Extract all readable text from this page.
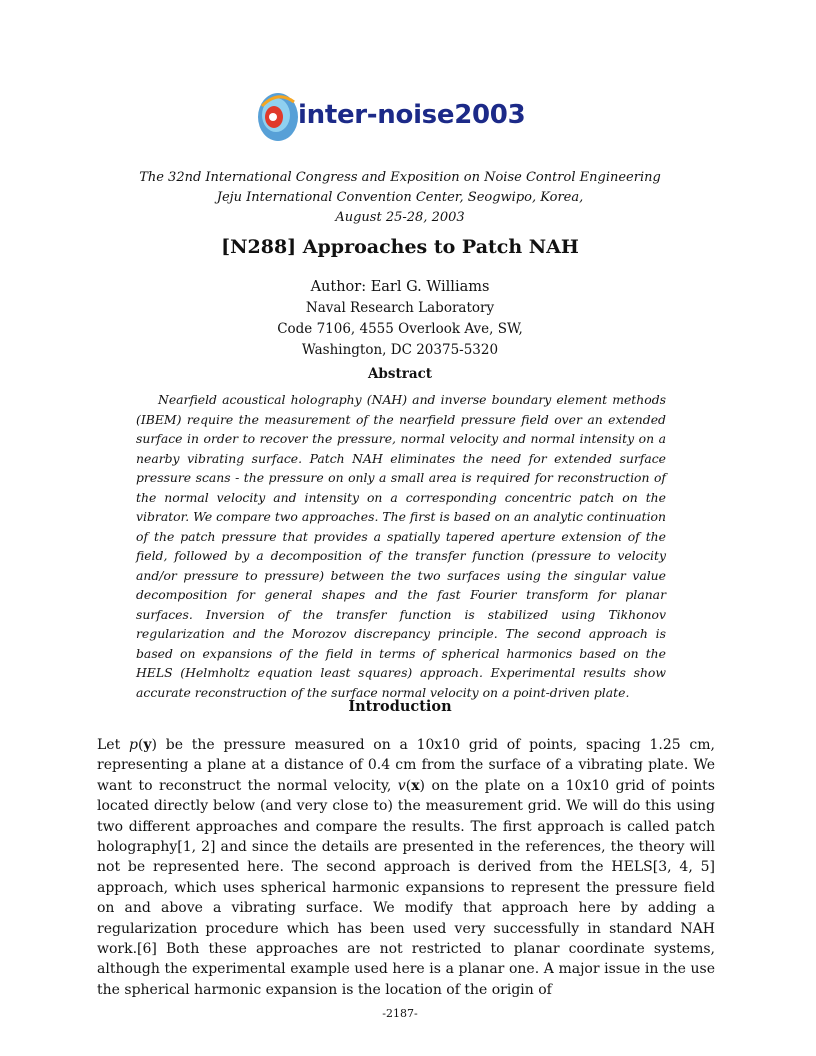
inter-noise2003
The 32nd International Congress and Exposition on Noise Control Engineering
Jeju International Convention Center, Seogwipo, Korea,
August 25-28, 2003
[N288] Approaches to Patch NAH
Author: Earl G. Williams
Naval Research Laboratory
Code 7106, 4555 Overlook Ave, SW,
Washington, DC 20375-5320
Abstract

Nearfield acoustical holography (NAH) and inverse boundary element methods (IBEM) require the measurement of the nearfield pressure field over an extended surface in order to recover the pressure, normal velocity and normal intensity on a nearby vibrating surface. Patch NAH eliminates the need for extended surface pressure scans - the pressure on only a small area is required for reconstruction of the normal velocity and intensity on a corresponding concentric patch on the vibrator. We compare two approaches. The first is based on an analytic continuation of the patch pressure that provides a spatially tapered aperture extension of the field, followed by a decomposition of the transfer function (pressure to velocity and/or pressure to pressure) between the two surfaces using the singular value decomposition for general shapes and the fast Fourier transform for planar surfaces. Inversion of the transfer function is stabilized using Tikhonov regularization and the Morozov discrepancy principle. The second approach is based on expansions of the field in terms of spherical harmonics based on the HELS (Helmholtz equation least squares) approach. Experimental results show accurate reconstruction of the surface normal velocity on a point-driven plate.

Introduction

Let p(y) be the pressure measured on a 10x10 grid of points, spacing 1.25 cm, representing a plane at a distance of 0.4 cm from the surface of a vibrating plate. We want to reconstruct the normal velocity, v(x) on the plate on a 10x10 grid of points located directly below (and very close to) the measurement grid. We will do this using two different approaches and compare the results. The first approach is called patch holography[1, 2] and since the details are presented in the references, the theory will not be represented here. The second approach is derived from the HELS[3, 4, 5] approach, which uses spherical harmonic expansions to represent the pressure field on and above a vibrating surface. We modify that approach here by adding a regularization procedure which has been used very successfully in standard NAH work.[6] Both these approaches are not restricted to planar coordinate systems, although the experimental example used here is a planar one. A major issue in the use the spherical harmonic expansion is the location of the origin of

-2187-
